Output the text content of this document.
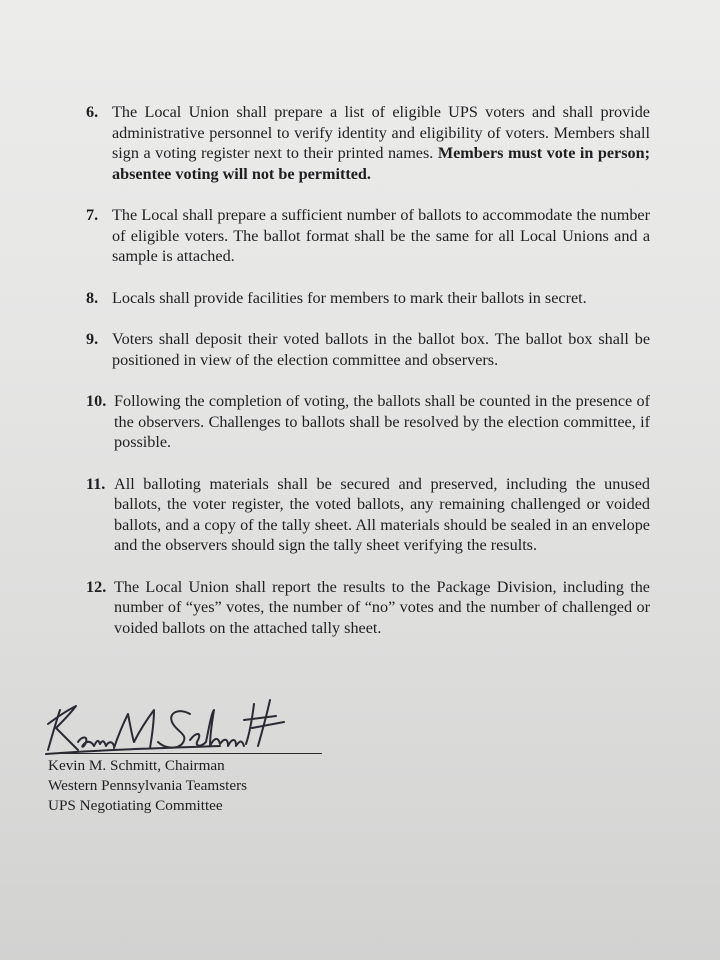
6. The Local Union shall prepare a list of eligible UPS voters and shall provide administrative personnel to verify identity and eligibility of voters. Members shall sign a voting register next to their printed names. Members must vote in person; absentee voting will not be permitted.
7. The Local shall prepare a sufficient number of ballots to accommodate the number of eligible voters. The ballot format shall be the same for all Local Unions and a sample is attached.
8. Locals shall provide facilities for members to mark their ballots in secret.
9. Voters shall deposit their voted ballots in the ballot box. The ballot box shall be positioned in view of the election committee and observers.
10. Following the completion of voting, the ballots shall be counted in the presence of the observers. Challenges to ballots shall be resolved by the election committee, if possible.
11. All balloting materials shall be secured and preserved, including the unused ballots, the voter register, the voted ballots, any remaining challenged or voided ballots, and a copy of the tally sheet. All materials should be sealed in an envelope and the observers should sign the tally sheet verifying the results.
12. The Local Union shall report the results to the Package Division, including the number of “yes” votes, the number of “no” votes and the number of challenged or voided ballots on the attached tally sheet.
Kevin M Schmitt
Kevin M. Schmitt, Chairman
Western Pennsylvania Teamsters
UPS Negotiating Committee
